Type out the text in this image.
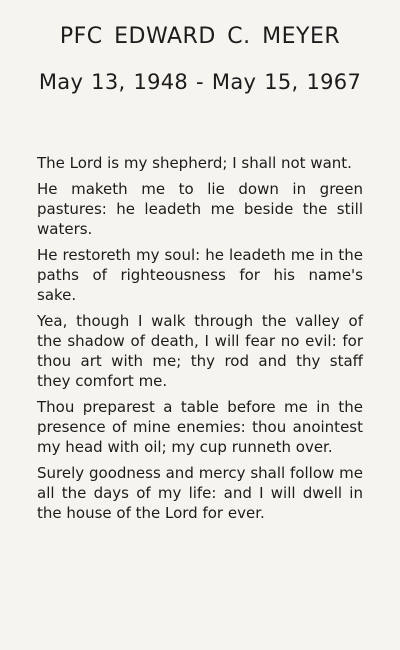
PFC EDWARD C. MEYER
May 13, 1948 - May 15, 1967

The Lord is my shepherd; I shall not want.

He maketh me to lie down in green pastures: he leadeth me beside the still waters.

He restoreth my soul: he leadeth me in the paths of righteousness for his name's sake.

Yea, though I walk through the valley of the shadow of death, I will fear no evil: for thou art with me; thy rod and thy staff they comfort me.

Thou preparest a table before me in the presence of mine enemies: thou anointest my head with oil; my cup runneth over.

Surely goodness and mercy shall follow me all the days of my life: and I will dwell in the house of the Lord for ever.
